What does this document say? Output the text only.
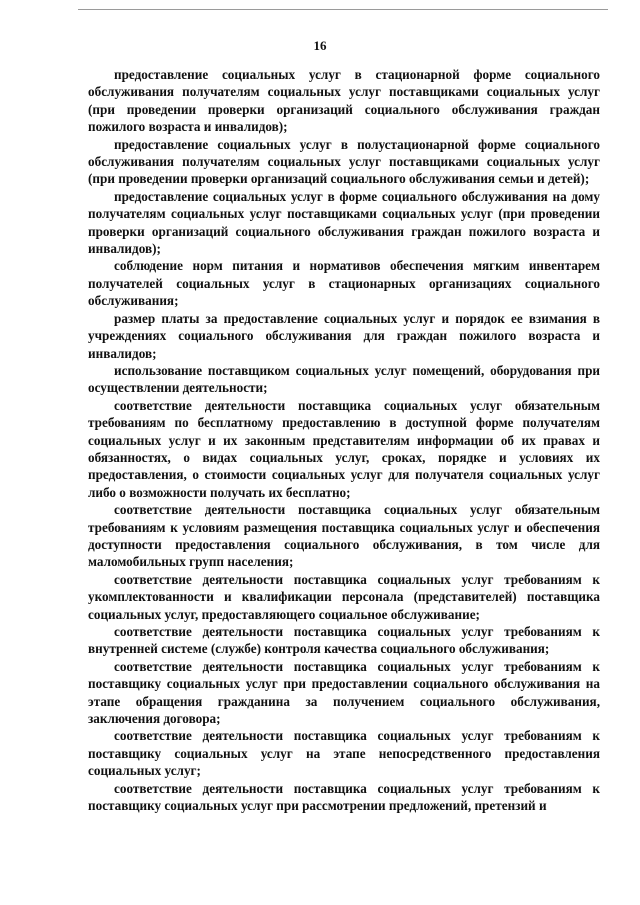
16

предоставление социальных услуг в стационарной форме социального обслуживания получателям социальных услуг поставщиками социальных услуг (при проведении проверки организаций социального обслуживания граждан пожилого возраста и инвалидов);

предоставление социальных услуг в полустационарной форме социального обслуживания получателям социальных услуг поставщиками социальных услуг (при проведении проверки организаций социального обслуживания семьи и детей);

предоставление социальных услуг в форме социального обслуживания на дому получателям социальных услуг поставщиками социальных услуг (при проведении проверки организаций социального обслуживания граждан пожилого возраста и инвалидов);

соблюдение норм питания и нормативов обеспечения мягким инвентарем получателей социальных услуг в стационарных организациях социального обслуживания;

размер платы за предоставление социальных услуг и порядок ее взимания в учреждениях социального обслуживания для граждан пожилого возраста и инвалидов;

использование поставщиком социальных услуг помещений, оборудования при осуществлении деятельности;

соответствие деятельности поставщика социальных услуг обязательным требованиям по бесплатному предоставлению в доступной форме получателям социальных услуг и их законным представителям информации об их правах и обязанностях, о видах социальных услуг, сроках, порядке и условиях их предоставления, о стоимости социальных услуг для получателя социальных услуг либо о возможности получать их бесплатно;

соответствие деятельности поставщика социальных услуг обязательным требованиям к условиям размещения поставщика социальных услуг и обеспечения доступности предоставления социального обслуживания, в том числе для маломобильных групп населения;

соответствие деятельности поставщика социальных услуг требованиям к укомплектованности и квалификации персонала (представителей) поставщика социальных услуг, предоставляющего социальное обслуживание;

соответствие деятельности поставщика социальных услуг требованиям к внутренней системе (службе) контроля качества социального обслуживания;

соответствие деятельности поставщика социальных услуг требованиям к поставщику социальных услуг при предоставлении социального обслуживания на этапе обращения гражданина за получением социального обслуживания, заключения договора;

соответствие деятельности поставщика социальных услуг требованиям к поставщику социальных услуг на этапе непосредственного предоставления социальных услуг;

соответствие деятельности поставщика социальных услуг требованиям к поставщику социальных услуг при рассмотрении предложений, претензий и
